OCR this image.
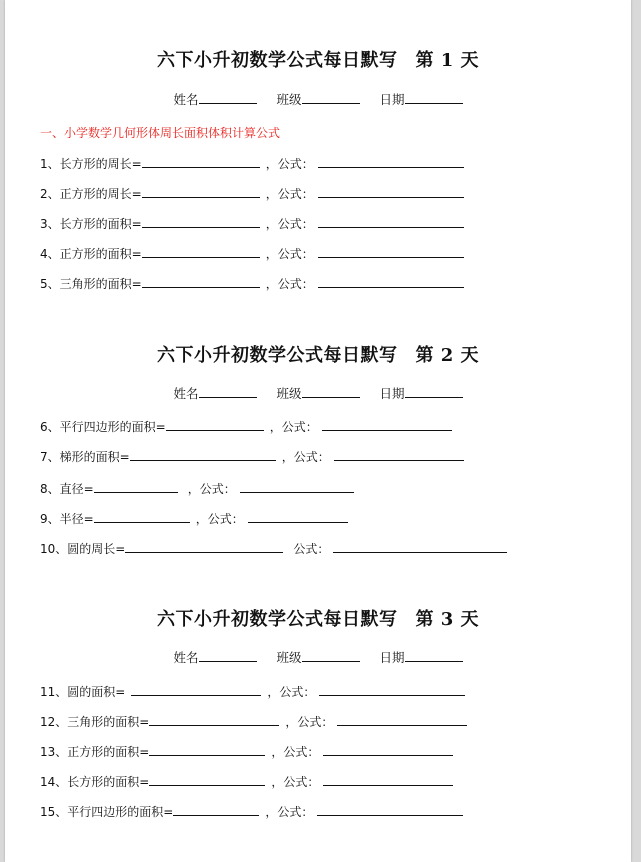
六下小升初数学公式每日默写 第 1 天
姓名	班级	日期
一、小学数学几何形体周长面积体积计算公式
1、长方形的周长=	，公式：
2、正方形的周长=	，公式：
3、长方形的面积=	，公式：
4、正方形的面积=	，公式：
5、三角形的面积=	，公式：
六下小升初数学公式每日默写 第 2 天
姓名	班级	日期
6、平行四边形的面积=	，公式：
7、梯形的面积=	，公式：
8、直径=	，公式：
9、半径=	，公式：
10、圆的周长=	公式：
六下小升初数学公式每日默写 第 3 天
姓名	班级	日期
11、圆的面积=	，公式：
12、三角形的面积=	，公式：
13、正方形的面积=	，公式：
14、长方形的面积=	，公式：
15、平行四边形的面积=	，公式：
